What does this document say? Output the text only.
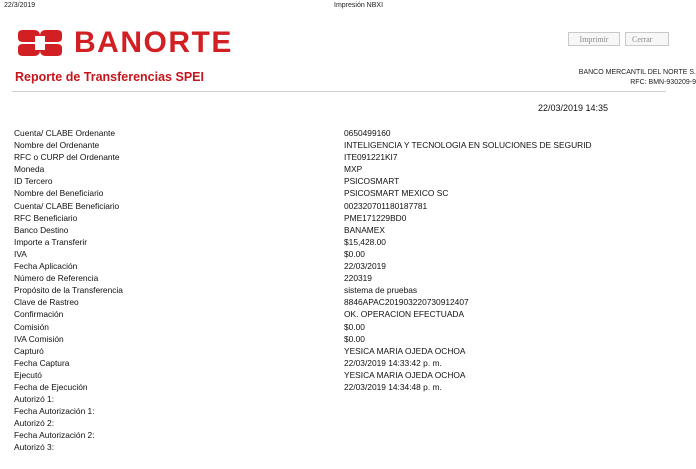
22/3/2019	Impresión NBXI
BANORTE	Imprimir	Cerrar
Reporte de Transferencias SPEI	BANCO MERCANTIL DEL NORTE S.
RFC: BMN-930209-9
22/03/2019 14:35
Cuenta/ CLABE Ordenante	0650499160
Nombre del Ordenante	INTELIGENCIA Y TECNOLOGIA EN SOLUCIONES DE SEGURID
RFC o CURP del Ordenante	ITE091221KI7
Moneda	MXP
ID Tercero	PSICOSMART
Nombre del Beneficiario	PSICOSMART MEXICO SC
Cuenta/ CLABE Beneficiario	002320701180187781
RFC Beneficiario	PME171229BD0
Banco Destino	BANAMEX
Importe a Transferir	$15,428.00
IVA	$0.00
Fecha Aplicación	22/03/2019
Número de Referencia	220319
Propósito de la Transferencia	sistema de pruebas
Clave de Rastreo	8846APAC201903220730912407
Confirmación	OK. OPERACION EFECTUADA
Comisión	$0.00
IVA Comisión	$0.00
Capturó	YESICA MARIA OJEDA OCHOA
Fecha Captura	22/03/2019 14:33:42 p. m.
Ejecutó	YESICA MARIA OJEDA OCHOA
Fecha de Ejecución	22/03/2019 14:34:48 p. m.
Autorizó 1:
Fecha Autorización 1:
Autorizó 2:
Fecha Autorización 2:
Autorizó 3:
